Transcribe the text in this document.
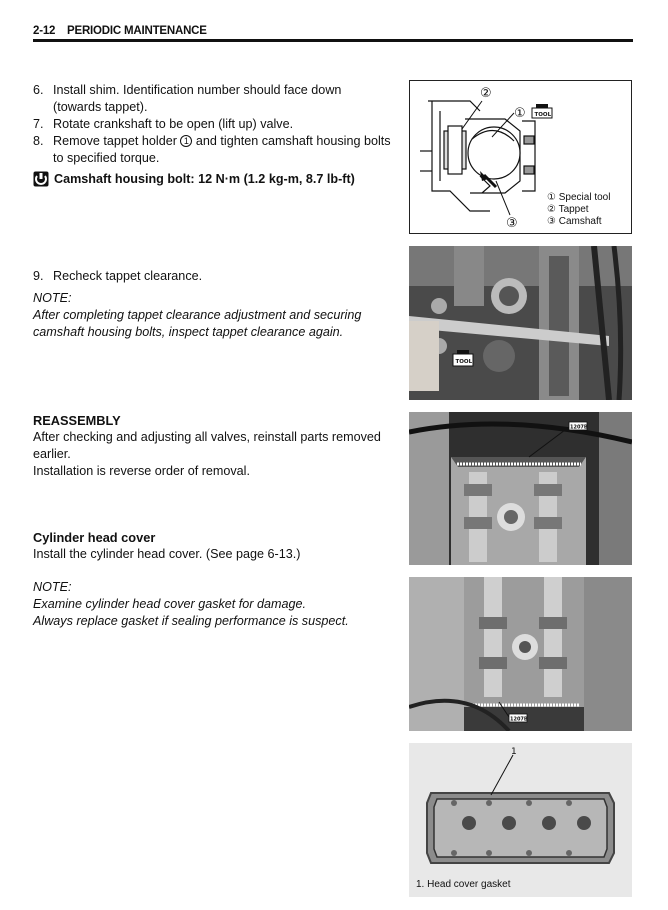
2-12 PERIODIC MAINTENANCE
6. Install shim. Identification number should face down
(towards tappet).
7. Rotate crankshaft to be open (lift up) valve.
8. Remove tappet holder 1 and tighten camshaft housing bolts
to specified torque.
Camshaft housing bolt: 12 N·m (1.2 kg-m, 8.7 lb-ft)
9. Recheck tappet clearance.
NOTE:
After completing tappet clearance adjustment and securing
camshaft housing bolts, inspect tappet clearance again.
REASSEMBLY
After checking and adjusting all valves, reinstall parts removed
earlier.
Installation is reverse order of removal.
Cylinder head cover
Install the cylinder head cover. (See page 6-13.)
NOTE:
Examine cylinder head cover gasket for damage.
Always replace gasket if sealing performance is suspect.
②
①
③
TOOL
① Special tool
② Tappet
③ Camshaft
TOOL
1207B
1207B
1
1. Head cover gasket
